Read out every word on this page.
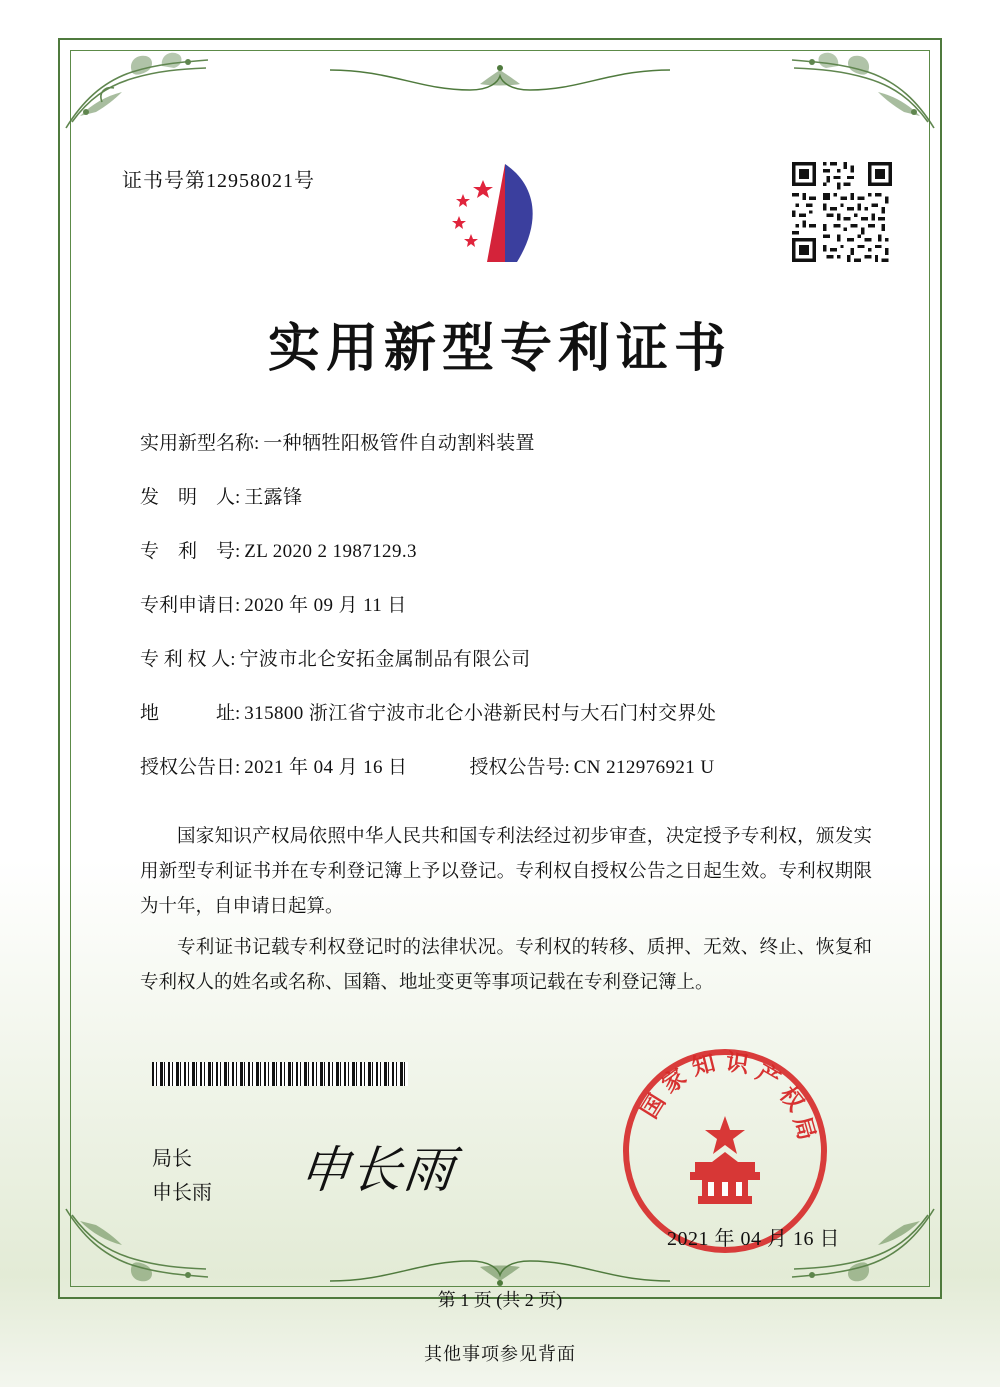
证书号第12958021号
实用新型专利证书
实用新型名称: 一种牺牲阳极管件自动割料装置
发　明　人: 王露锋
专　利　号: ZL 2020 2 1987129.3
专利申请日: 2020 年 09 月 11 日
专 利 权 人: 宁波市北仑安拓金属制品有限公司
地　　　址: 315800 浙江省宁波市北仑小港新民村与大石门村交界处
授权公告日: 2021 年 04 月 16 日	授权公告号: CN 212976921 U

国家知识产权局依照中华人民共和国专利法经过初步审查，决定授予专利权，颁发实用新型专利证书并在专利登记簿上予以登记。专利权自授权公告之日起生效。专利权期限为十年，自申请日起算。

专利证书记载专利权登记时的法律状况。专利权的转移、质押、无效、终止、恢复和专利权人的姓名或名称、国籍、地址变更等事项记载在专利登记簿上。

局长
申长雨 申长雨
国
家
知 识 产
权
局
2021 年 04 月 16 日
第 1 页 (共 2 页)
其他事项参见背面
